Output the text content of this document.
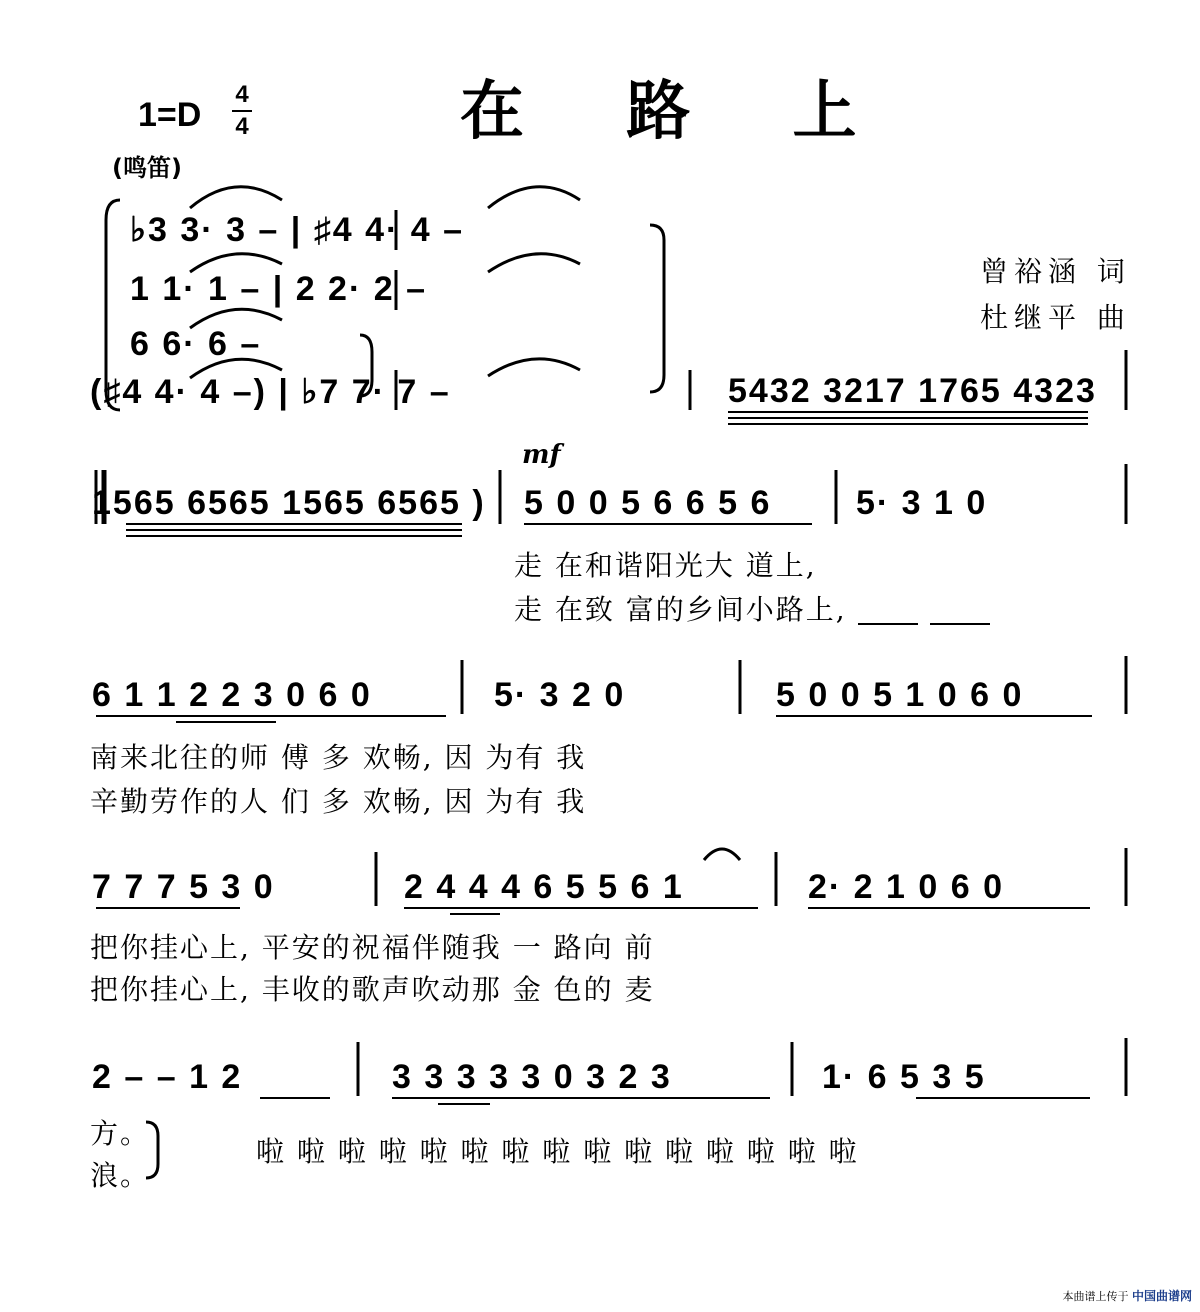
1=D
4
4	在 路 上
(鸣笛)
曾裕涵 词
杜继平 曲
♭3 3· 3 – | ♯4 4· 4 –
1 1· 1 – | 2 2· 2 –
6 6· 6 –
(♯4 4· 4 –) | ♭7 7· 7 –	5432 3217 1765 4323
1565 6565 1565 6565 )
mf
5 0 0 5 6 6 5 6 5· 3 1 0
走 在和谐阳光大 道上,
走 在致 富的乡间小路上,
6 1 1 2 2 3 0 6 0	5· 3 2 0	5 0 0 5 1 0 6 0
南来北往的师 傅 多 欢畅, 因 为有 我
辛勤劳作的人 们 多 欢畅, 因 为有 我
7 7 7 5 3 0	2 4 4 4 6 5 5 6 1	2· 2 1 0 6 0
把你挂心上, 平安的祝福伴随我 一 路向 前
把你挂心上, 丰收的歌声吹动那 金 色的 麦
2 – – 1 2	3 3 3 3 3 0 3 2 3	1· 6 5 3 5
方。
浪。
啦 啦 啦 啦 啦 啦 啦 啦 啦 啦 啦 啦 啦 啦 啦
本曲谱上传于 中国曲谱网
